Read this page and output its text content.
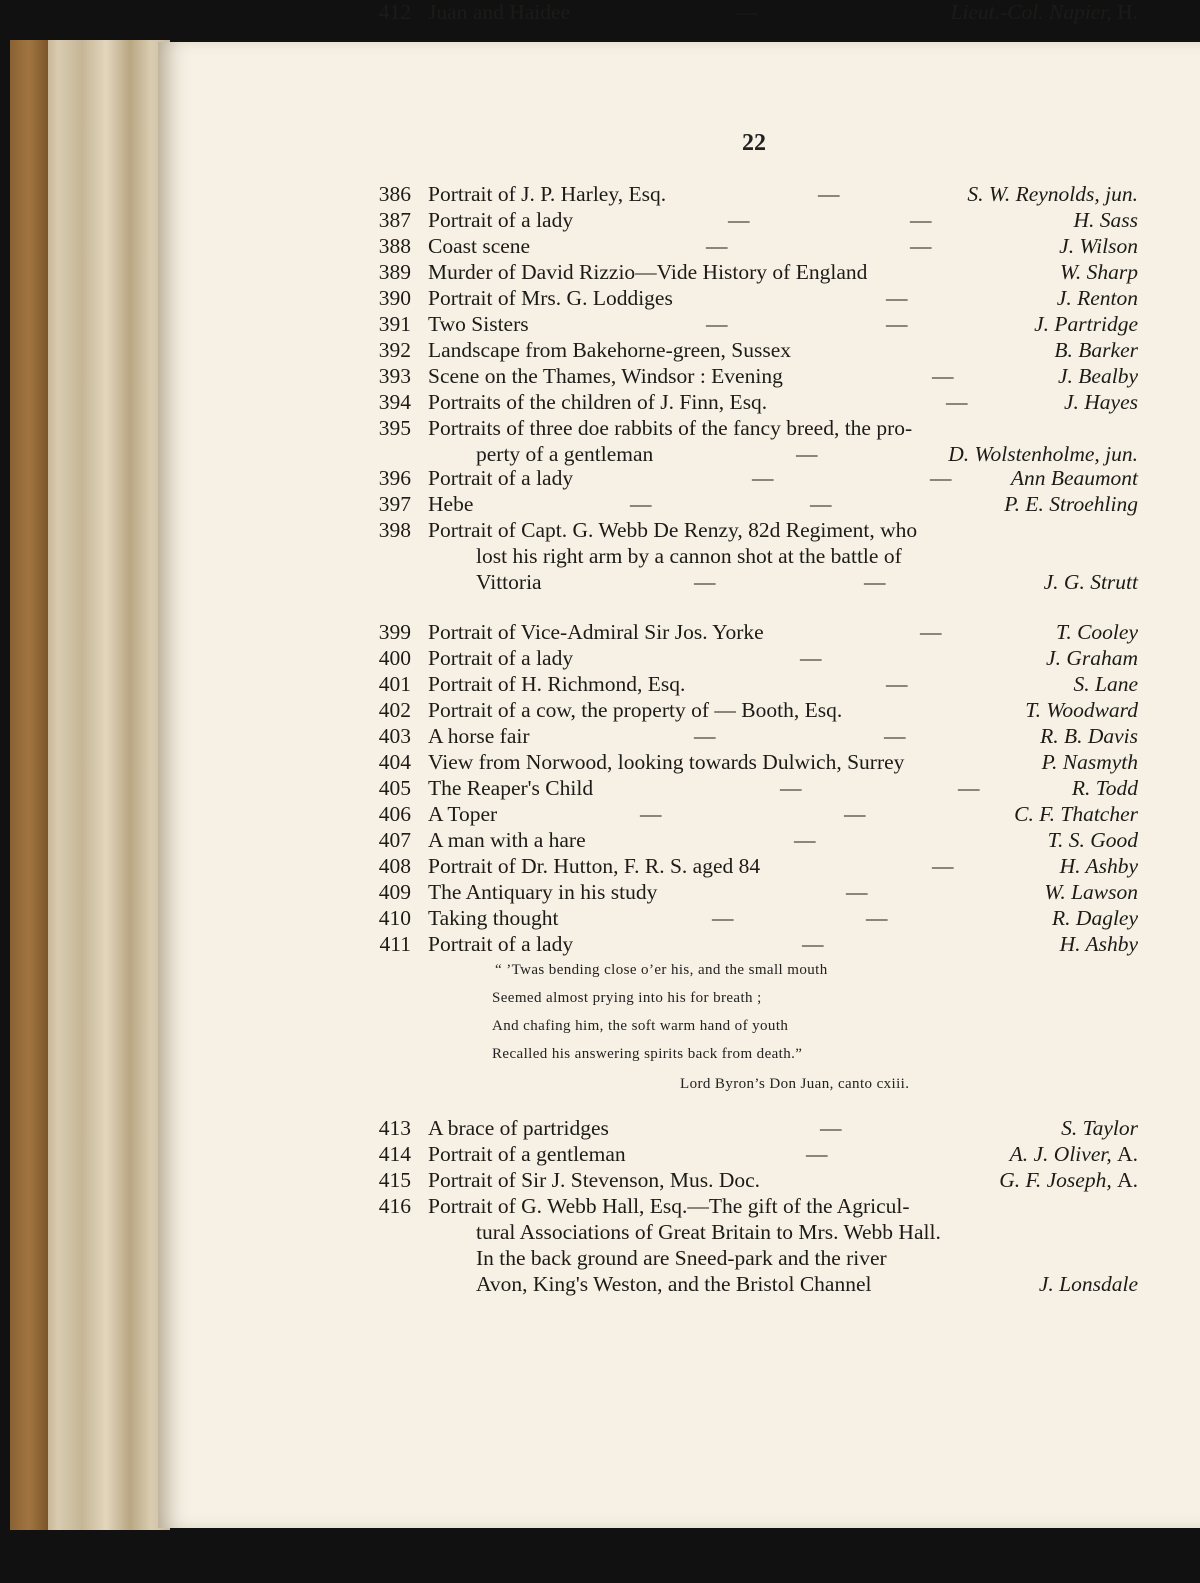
22
386 Portrait of J. P. Harley, Esq.	—	S. W. Reynolds, jun.
387 Portrait of a lady	—	—	H. Sass
388 Coast scene	—	—	J. Wilson
389 Murder of David Rizzio—Vide History of England	W. Sharp
390 Portrait of Mrs. G. Loddiges	—	J. Renton
391 Two Sisters	—	—	J. Partridge
392 Landscape from Bakehorne-green, Sussex	B. Barker
393 Scene on the Thames, Windsor : Evening	—	J. Bealby
394 Portraits of the children of J. Finn, Esq.	—	J. Hayes
395 Portraits of three doe rabbits of the fancy breed, the pro-
perty of a gentleman	—	D. Wolstenholme, jun.
396 Portrait of a lady	—	—	Ann Beaumont
397 Hebe	—	—	P. E. Stroehling
398 Portrait of Capt. G. Webb De Renzy, 82d Regiment, who
lost his right arm by a cannon shot at the battle of
Vittoria	—	—	J. G. Strutt
399 Portrait of Vice-Admiral Sir Jos. Yorke	—	T. Cooley
400 Portrait of a lady	—	J. Graham
401 Portrait of H. Richmond, Esq.	—	S. Lane
402 Portrait of a cow, the property of — Booth, Esq.	T. Woodward
403 A horse fair	—	—	R. B. Davis
404 View from Norwood, looking towards Dulwich, Surrey	P. Nasmyth
405 The Reaper's Child	—	—	R. Todd
406 A Toper	—	—	C. F. Thatcher
407 A man with a hare	—	T. S. Good
408 Portrait of Dr. Hutton, F. R. S. aged 84	—	H. Ashby
409 The Antiquary in his study	—	W. Lawson
410 Taking thought	—	—	R. Dagley
411 Portrait of a lady	—	H. Ashby
412 Juan and Haidee	—	Lieut.-Col. Napier, H.
413 A brace of partridges	—	S. Taylor
414 Portrait of a gentleman	—	A. J. Oliver, A.
415 Portrait of Sir J. Stevenson, Mus. Doc.	G. F. Joseph, A.
416 Portrait of G. Webb Hall, Esq.—The gift of the Agricul-
tural Associations of Great Britain to Mrs. Webb Hall.
In the back ground are Sneed-park and the river
Avon, King's Weston, and the Bristol Channel	J. Lonsdale
“ ’Twas bending close o’er his, and the small mouth
Seemed almost prying into his for breath ;
And chafing him, the soft warm hand of youth
Recalled his answering spirits back from death.”
Lord Byron’s Don Juan, canto cxiii.
